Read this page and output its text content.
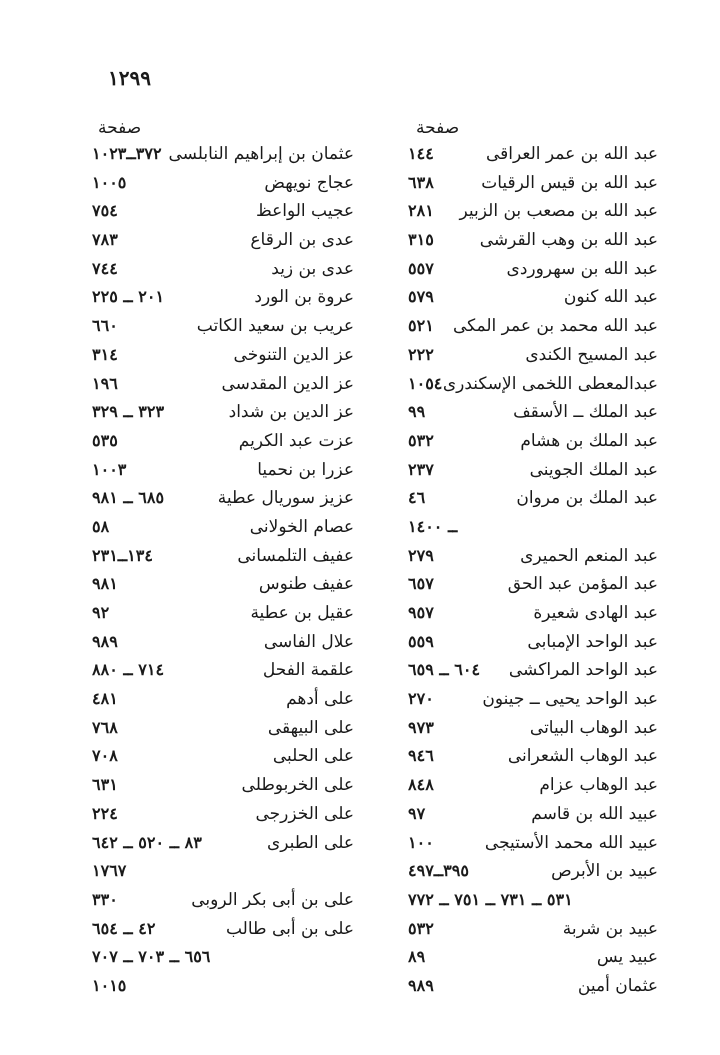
١٢٩٩
صفحة
صفحة
عبد الله بن عمر العراقى
١٤٤
عبد الله بن قيس الرقيات
٦٣٨
عبد الله بن مصعب بن الزبير
٢٨١
عبد الله بن وهب القرشى
٣١٥
عبد الله بن سهروردى
٥٥٧
عبد الله كنون
٥٧٩
عبد الله محمد بن عمر المكى
٥٢١
عبد المسيح الكندى
٢٢٢
عبدالمعطى اللخمى الإسكندرى
١٠٥٤
عبد الملك ــ الأسقف
٩٩
عبد الملك بن هشام
٥٣٢
عبد الملك الجوينى
٢٣٧
عبد الملك بن مروان
٤٦
ــ ١٤٠٠
عبد المنعم الحميرى
٢٧٩
عبد المؤمن عبد الحق
٦٥٧
عبد الهادى شعيرة
٩٥٧
عبد الواحد الإمبابى
٥٥٩
عبد الواحد المراكشى
٦٠٤ ــ ٦٥٩
عبد الواحد يحيى ــ جينون
٢٧٠
عبد الوهاب البياتى
٩٧٣
عبد الوهاب الشعرانى
٩٤٦
عبد الوهاب عزام
٨٤٨
عبيد الله بن قاسم
٩٧
عبيد الله محمد الأستيجى
١٠٠
عبيد بن الأبرص
٣٩٥ــ٤٩٧
٥٣١ ــ ٧٣١ ــ ٧٥١ ــ ٧٧٢
عبيد بن شربة
٥٣٢
عبيد يس
٨٩
عثمان أمين
٩٨٩
عثمان بن إبراهيم النابلسى
٣٧٢ــ١٠٢٣
عجاج نويهض
١٠٠٥
عجيب الواعظ
٧٥٤
عدى بن الرقاع
٧٨٣
عدى بن زيد
٧٤٤
عروة بن الورد
٢٠١ ــ ٢٢٥
عريب بن سعيد الكاتب
٦٦٠
عز الدين التنوخى
٣١٤
عز الدين المقدسى
١٩٦
عز الدين بن شداد
٣٢٣ ــ ٣٢٩
عزت عبد الكريم
٥٣٥
عزرا بن نحميا
١٠٠٣
عزيز سوريال عطية
٦٨٥ ــ ٩٨١
عصام الخولانى
٥٨
عفيف التلمسانى
١٣٤ــ٢٣١
عفيف طنوس
٩٨١
عقيل بن عطية
٩٢
علال الفاسى
٩٨٩
علقمة الفحل
٧١٤ ــ ٨٨٠
على أدهم
٤٨١
على البيهقى
٧٦٨
على الحلبى
٧٠٨
على الخربوطلى
٦٣١
على الخزرجى
٢٢٤
على الطبرى
٨٣ ــ ٥٢٠ ــ ٦٤٢
١٧٦٧
على بن أبى بكر الروبى
٣٣٠
على بن أبى طالب
٤٢ ــ ٦٥٤
٦٥٦ ــ ٧٠٣ ــ ٧٠٧
١٠١٥
